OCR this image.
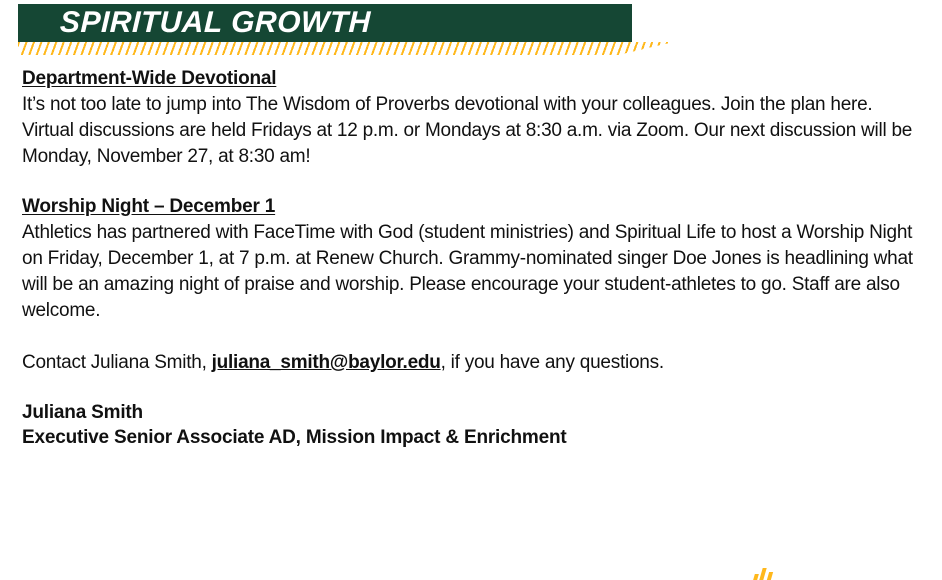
SPIRITUAL GROWTH
Department-Wide Devotional

It’s not too late to jump into The Wisdom of Proverbs devotional with your colleagues. Join the plan here. Virtual discussions are held Fridays at 12 p.m. or Mondays at 8:30 a.m. via Zoom. Our next discussion will be Monday, November 27, at 8:30 am!

Worship Night – December 1

Athletics has partnered with FaceTime with God (student ministries) and Spiritual Life to host a Worship Night on Friday, December 1, at 7 p.m. at Renew Church. Grammy-nominated singer Doe Jones is headlining what will be an amazing night of praise and worship. Please encourage your student-athletes to go. Staff are also welcome.

Contact Juliana Smith, juliana_smith@baylor.edu, if you have any questions.

Juliana Smith
Executive Senior Associate AD, Mission Impact & Enrichment
